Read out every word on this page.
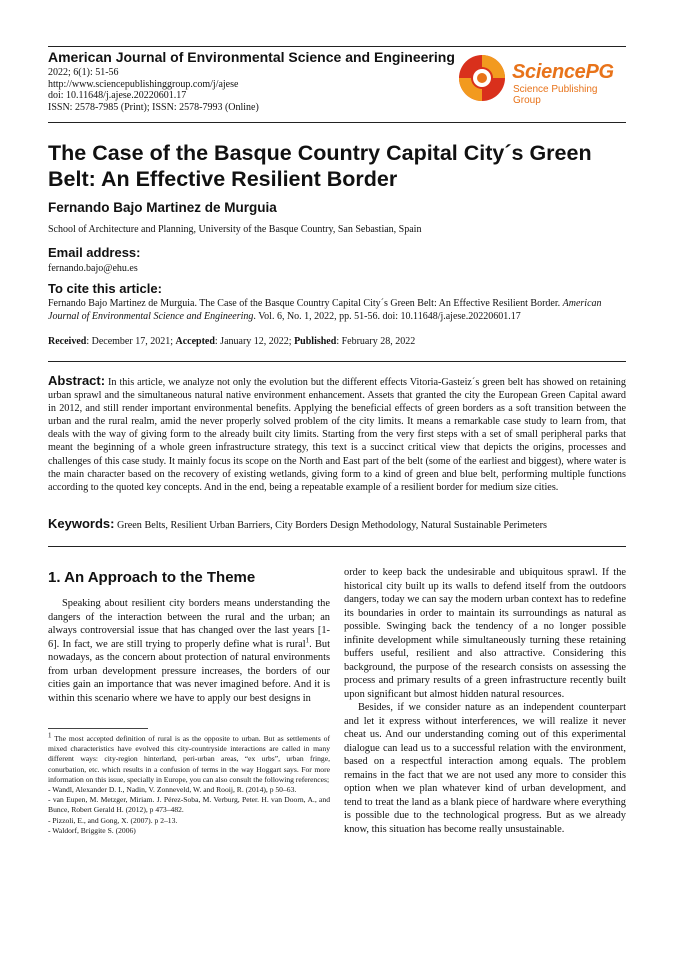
American Journal of Environmental Science and Engineering
2022; 6(1): 51-56
http://www.sciencepublishinggroup.com/j/ajese
doi: 10.11648/j.ajese.20220601.17
ISSN: 2578-7985 (Print); ISSN: 2578-7993 (Online)
SciencePG
Science Publishing Group
The Case of the Basque Country Capital City´s Green Belt: An Effective Resilient Border
Fernando Bajo Martinez de Murguia
School of Architecture and Planning, University of the Basque Country, San Sebastian, Spain
Email address:
fernando.bajo@ehu.es
To cite this article:
Fernando Bajo Martinez de Murguia. The Case of the Basque Country Capital City´s Green Belt: An Effective Resilient Border. American Journal of Environmental Science and Engineering. Vol. 6, No. 1, 2022, pp. 51-56. doi: 10.11648/j.ajese.20220601.17
Received: December 17, 2021; Accepted: January 12, 2022; Published: February 28, 2022
Abstract: In this article, we analyze not only the evolution but the different effects Vitoria-Gasteiz´s green belt has showed on retaining urban sprawl and the simultaneous natural native environment enhancement. Assets that granted the city the European Green Capital award in 2012, and still render important environmental benefits. Applying the beneficial effects of green borders as a soft transition between the urban and the rural realm, amid the never properly solved problem of the city limits. It means a remarkable case study to learn from, that deals with the way of giving form to the already built city limits. Starting from the very first steps with a set of small peripheral parks that meant the beginning of a whole green infrastructure strategy, this text is a succinct critical view that depicts the origins, processes and challenges of this case study. It mainly focus its scope on the North and East part of the belt (some of the earliest and biggest), where water is the main character based on the recovery of existing wetlands, giving form to a kind of green and blue belt, performing multiple functions according to the quoted key concepts. And in the end, being a repeatable example of a resilient border for medium size cities.
Keywords: Green Belts, Resilient Urban Barriers, City Borders Design Methodology, Natural Sustainable Perimeters
1. An Approach to the Theme

Speaking about resilient city borders means understanding the dangers of the interaction between the rural and the urban; an always controversial issue that has changed over the last years [1-6]. In fact, we are still trying to properly define what is rural$^1$. But nowadays, as the concern about protection of natural environments from urban development pressure increases, the borders of our cities gain an importance that was never imagined before. And it is within this scenario where we have to apply our best designs in

$^1$ The most accepted definition of rural is as the opposite to urban. But as settlements of mixed characteristics have evolved this city-countryside interactions are called in many different ways: city-region hinterland, peri-urban areas, “ex urbs”, urban fringe, conurbation, etc. which results in a confusion of terms in the way Hoggart says. For more information on this issue, specially in Europe, you can also consult the following references;
- Wandl, Alexander D. I., Nadin, V. Zonneveld, W. and Rooij, R. (2014), p 50–63.
- van Eupen, M. Metzger, Miriam. J. Pérez-Soba, M. Verburg, Peter. H. van Doorn, A., and Bunce, Robert Gerald H. (2012), p 473–482.
- Pizzoli, E., and Gong, X. (2007). p 2–13.
- Waldorf, Briggite S. (2006)

order to keep back the undesirable and ubiquitous sprawl. If the historical city built up its walls to defend itself from the outdoors dangers, today we can say the modern urban context has to redefine its boundaries in order to maintain its surroundings as natural as possible. Swinging back the tendency of a no longer possible infinite development while simultaneously turning these retaining buffers useful, resilient and also attractive. Considering this background, the purpose of the research consists on assessing the process and primary results of a green infrastructure recently built upon significant but almost hidden natural resources.

Besides, if we consider nature as an independent counterpart and let it express without interferences, we will realize it never cheat us. And our understanding coming out of this experimental dialogue can lead us to a successful relation with the environment, based on a respectful interaction among equals. The problem remains in the fact that we are not used any more to consider this option when we plan whatever kind of urban development, and tend to treat the land as a blank piece of hardware where everything is possible due to the technological progress. But as we already know, this situation has become really unsustainable.
